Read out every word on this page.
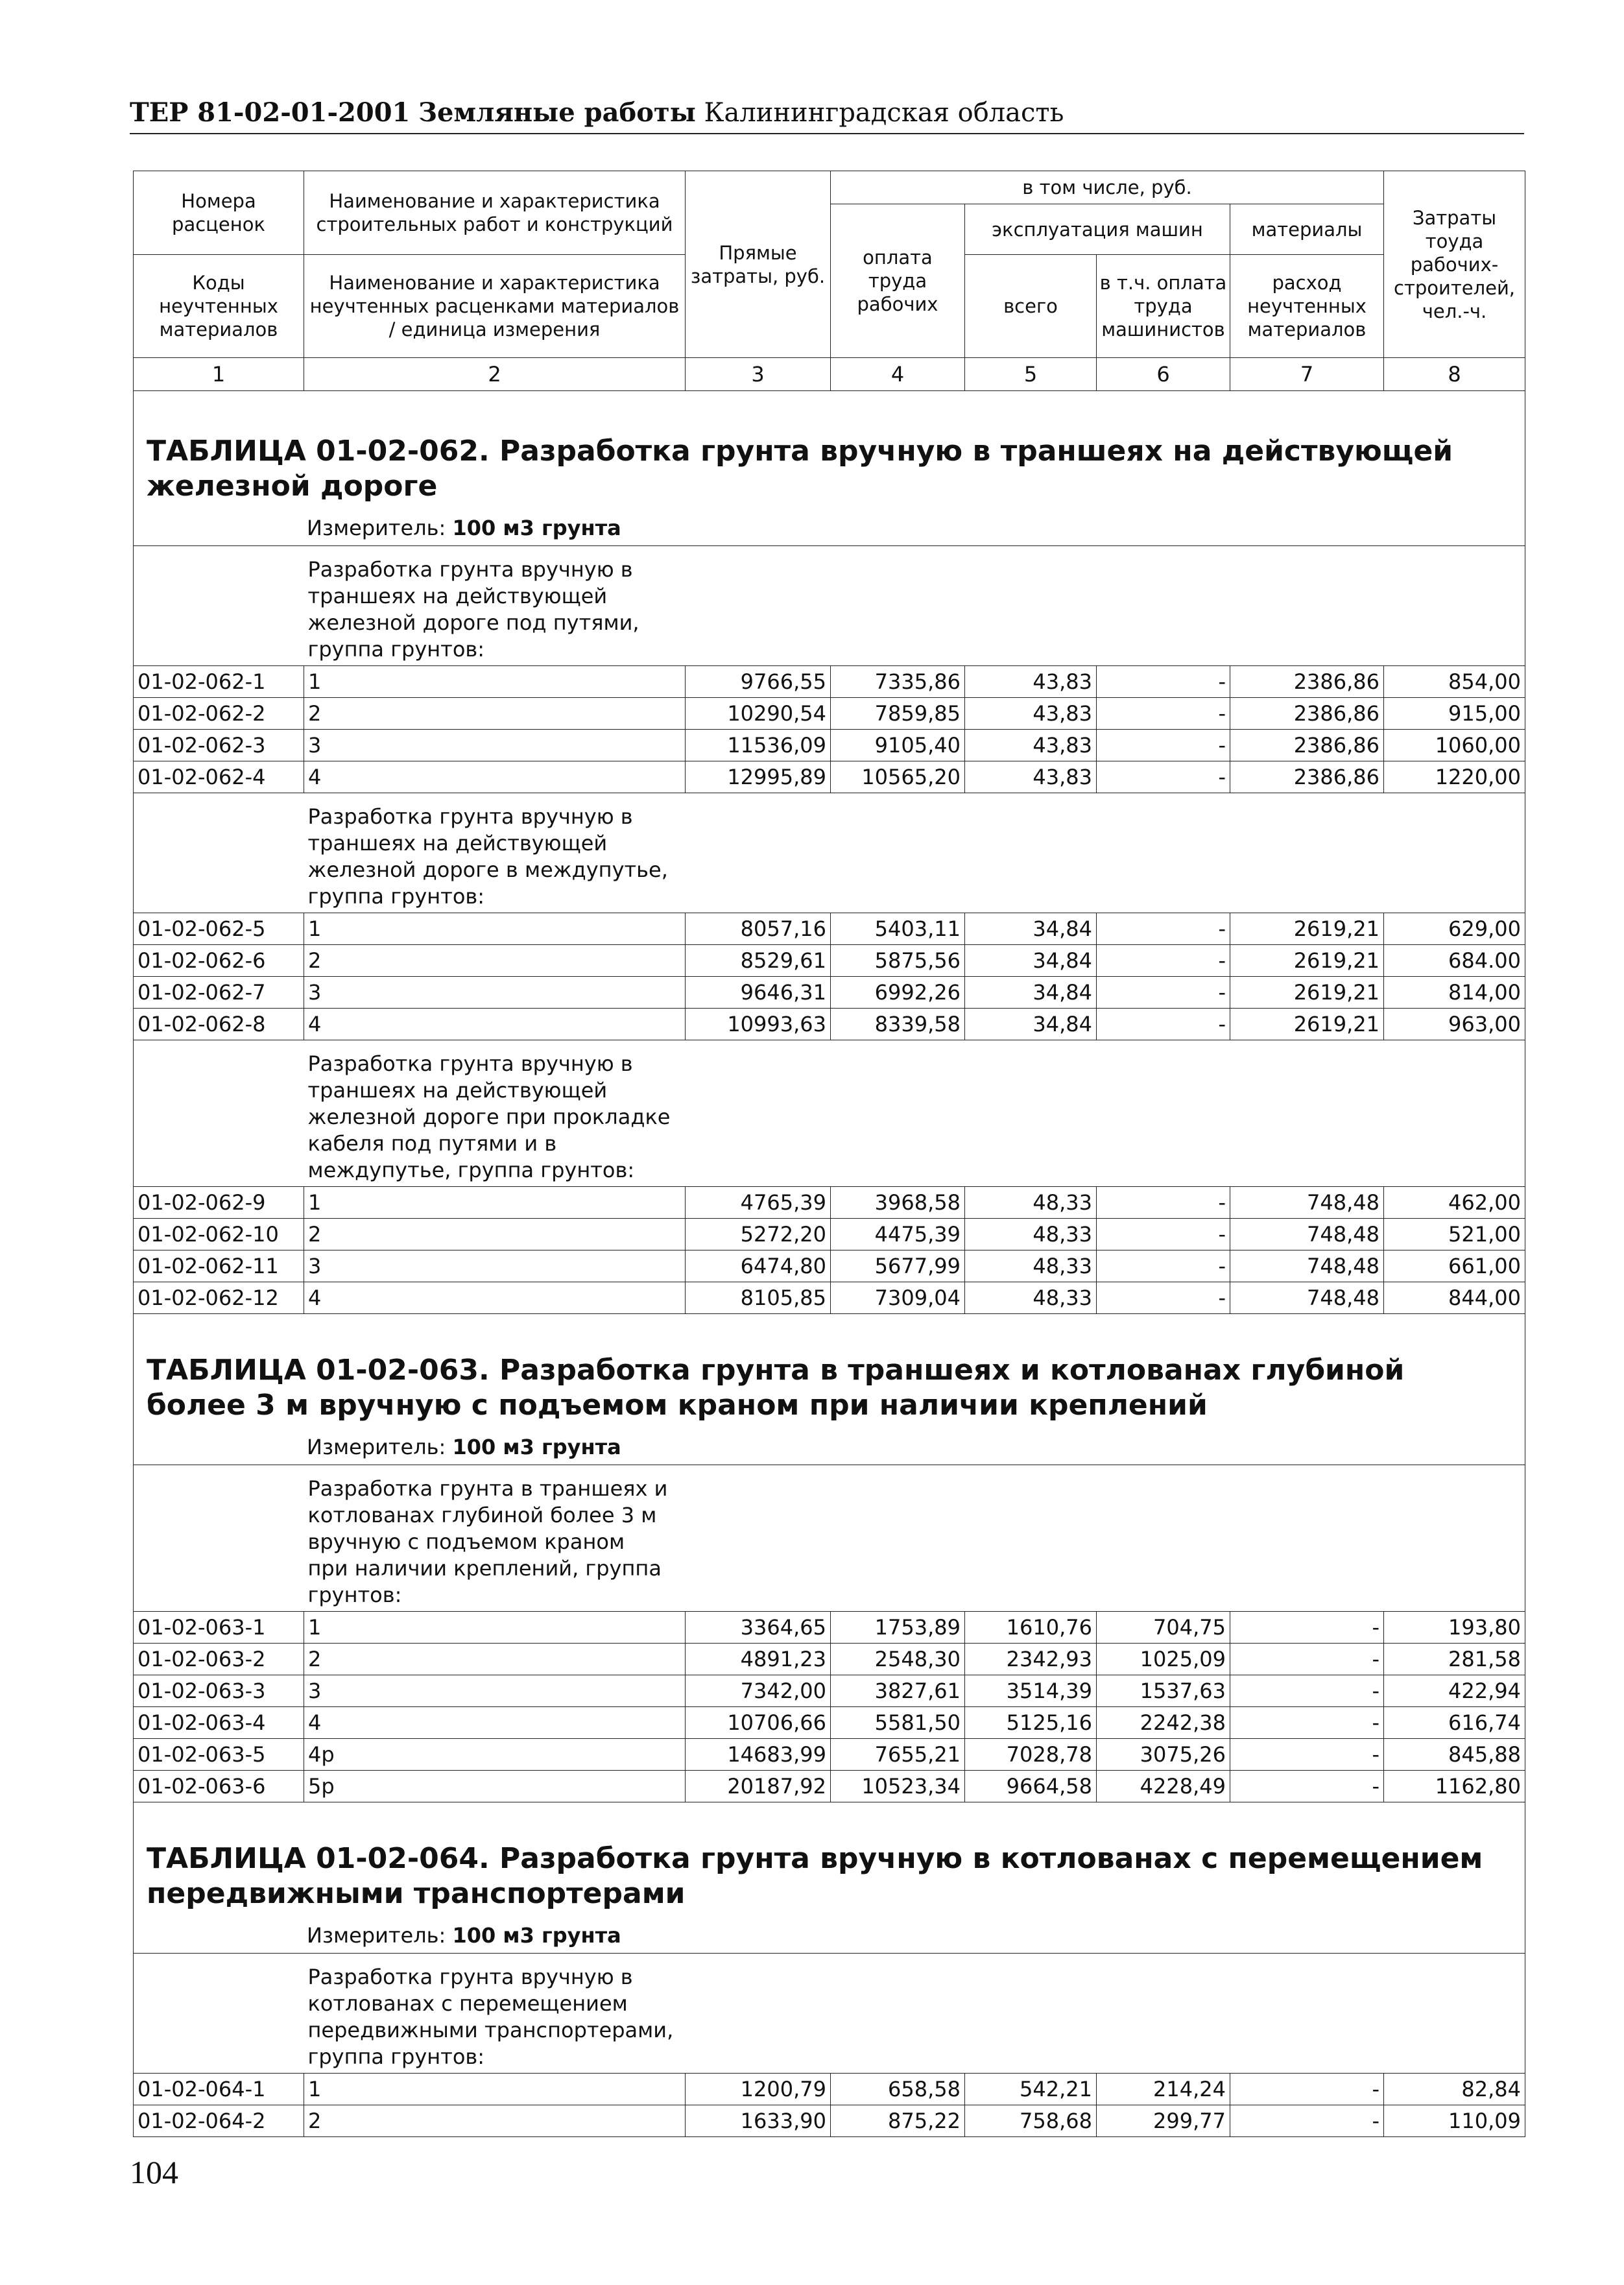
ТЕР 81-02-01-2001 Земляные работы Калининградская область
Номера расценок	Наименование и характеристика строительных работ и конструкций	Прямые затраты, руб.	в том числе, руб.				Затраты тоуда рабочих-строителей, чел.-ч.
			оплата труда рабочих	эксплуатация машин		материалы	
Коды неучтенных материалов	Наименование и характеристика неучтенных расценками материалов / единица измерения			всего	в т.ч. оплата труда машинистов	расход неучтенных материалов	

1	2	3	4	5	6	7	8
ТАБЛИЦА 01-02-062. Разработка грунта вручную в траншеях на действующей железной дороге							
Измеритель: 100 м3 грунта							

	Разработка грунта вручную в
траншеях на действующей
железной дороге под путями,
группа грунтов:						

01-02-062-1	1	9766,55	7335,86	43,83	-	2386,86	854,00
01-02-062-2	2	10290,54	7859,85	43,83	-	2386,86	915,00
01-02-062-3	3	11536,09	9105,40	43,83	-	2386,86	1060,00
01-02-062-4	4	12995,89	10565,20	43,83	-	2386,86	1220,00

	Разработка грунта вручную в
траншеях на действующей
железной дороге в междупутье,
группа грунтов:						

01-02-062-5	1	8057,16	5403,11	34,84	-	2619,21	629,00
01-02-062-6	2	8529,61	5875,56	34,84	-	2619,21	684.00
01-02-062-7	3	9646,31	6992,26	34,84	-	2619,21	814,00
01-02-062-8	4	10993,63	8339,58	34,84	-	2619,21	963,00

	Разработка грунта вручную в
траншеях на действующей
железной дороге при прокладке
кабеля под путями и в
междупутье, группа грунтов:						

01-02-062-9	1	4765,39	3968,58	48,33	-	748,48	462,00
01-02-062-10	2	5272,20	4475,39	48,33	-	748,48	521,00
01-02-062-11	3	6474,80	5677,99	48,33	-	748,48	661,00
01-02-062-12	4	8105,85	7309,04	48,33	-	748,48	844,00
ТАБЛИЦА 01-02-063. Разработка грунта в траншеях и котлованах глубиной более 3 м вручную с подъемом краном при наличии креплений							
Измеритель: 100 м3 грунта							

	Разработка грунта в траншеях и
котлованах глубиной более 3 м
вручную с подъемом краном
при наличии креплений, группа
грунтов:						

01-02-063-1	1	3364,65	1753,89	1610,76	704,75	-	193,80
01-02-063-2	2	4891,23	2548,30	2342,93	1025,09	-	281,58
01-02-063-3	3	7342,00	3827,61	3514,39	1537,63	-	422,94
01-02-063-4	4	10706,66	5581,50	5125,16	2242,38	-	616,74
01-02-063-5	4р	14683,99	7655,21	7028,78	3075,26	-	845,88
01-02-063-6	5р	20187,92	10523,34	9664,58	4228,49	-	1162,80
ТАБЛИЦА 01-02-064. Разработка грунта вручную в котлованах с перемещением передвижными транспортерами							
Измеритель: 100 м3 грунта							

	Разработка грунта вручную в
котлованах с перемещением
передвижными транспортерами,
группа грунтов:						

01-02-064-1	1	1200,79	658,58	542,21	214,24	-	82,84
01-02-064-2	2	1633,90	875,22	758,68	299,77	-	110,09
104
